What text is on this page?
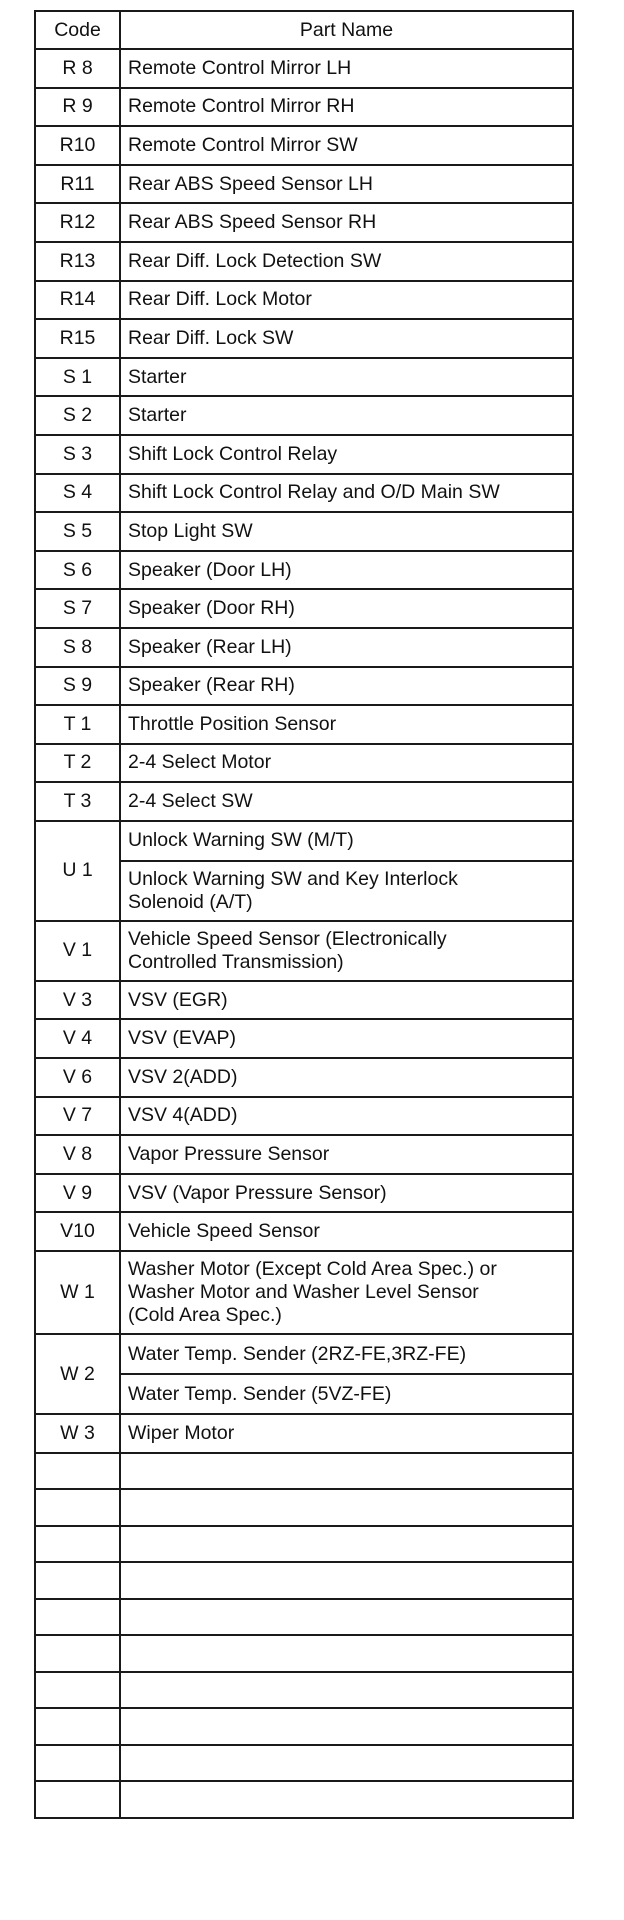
Code	Part Name
R 8	Remote Control Mirror LH

R 9	Remote Control Mirror RH

R10	Remote Control Mirror SW

R11	Rear ABS Speed Sensor LH

R12	Rear ABS Speed Sensor RH

R13	Rear Diff. Lock Detection SW

R14	Rear Diff. Lock Motor

R15	Rear Diff. Lock SW

S 1	Starter

S 2	Starter

S 3	Shift Lock Control Relay

S 4	Shift Lock Control Relay and O/D Main SW

S 5	Stop Light SW

S 6	Speaker (Door LH)

S 7	Speaker (Door RH)

S 8	Speaker (Rear LH)

S 9	Speaker (Rear RH)

T 1	Throttle Position Sensor

T 2	2-4 Select Motor

T 3	2-4 Select SW

U 1	Unlock Warning SW (M/T)

	Unlock Warning SW and Key Interlock
Solenoid (A/T)

V 1	Vehicle Speed Sensor (Electronically
Controlled Transmission)

V 3	VSV (EGR)

V 4	VSV (EVAP)

V 6	VSV 2(ADD)

V 7	VSV 4(ADD)

V 8	Vapor Pressure Sensor

V 9	VSV (Vapor Pressure Sensor)

V10	Vehicle Speed Sensor

W 1	Washer Motor (Except Cold Area Spec.) or
Washer Motor and Washer Level Sensor
(Cold Area Spec.)

W 2	Water Temp. Sender (2RZ-FE,3RZ-FE)

	Water Temp. Sender (5VZ-FE)

W 3	Wiper Motor
